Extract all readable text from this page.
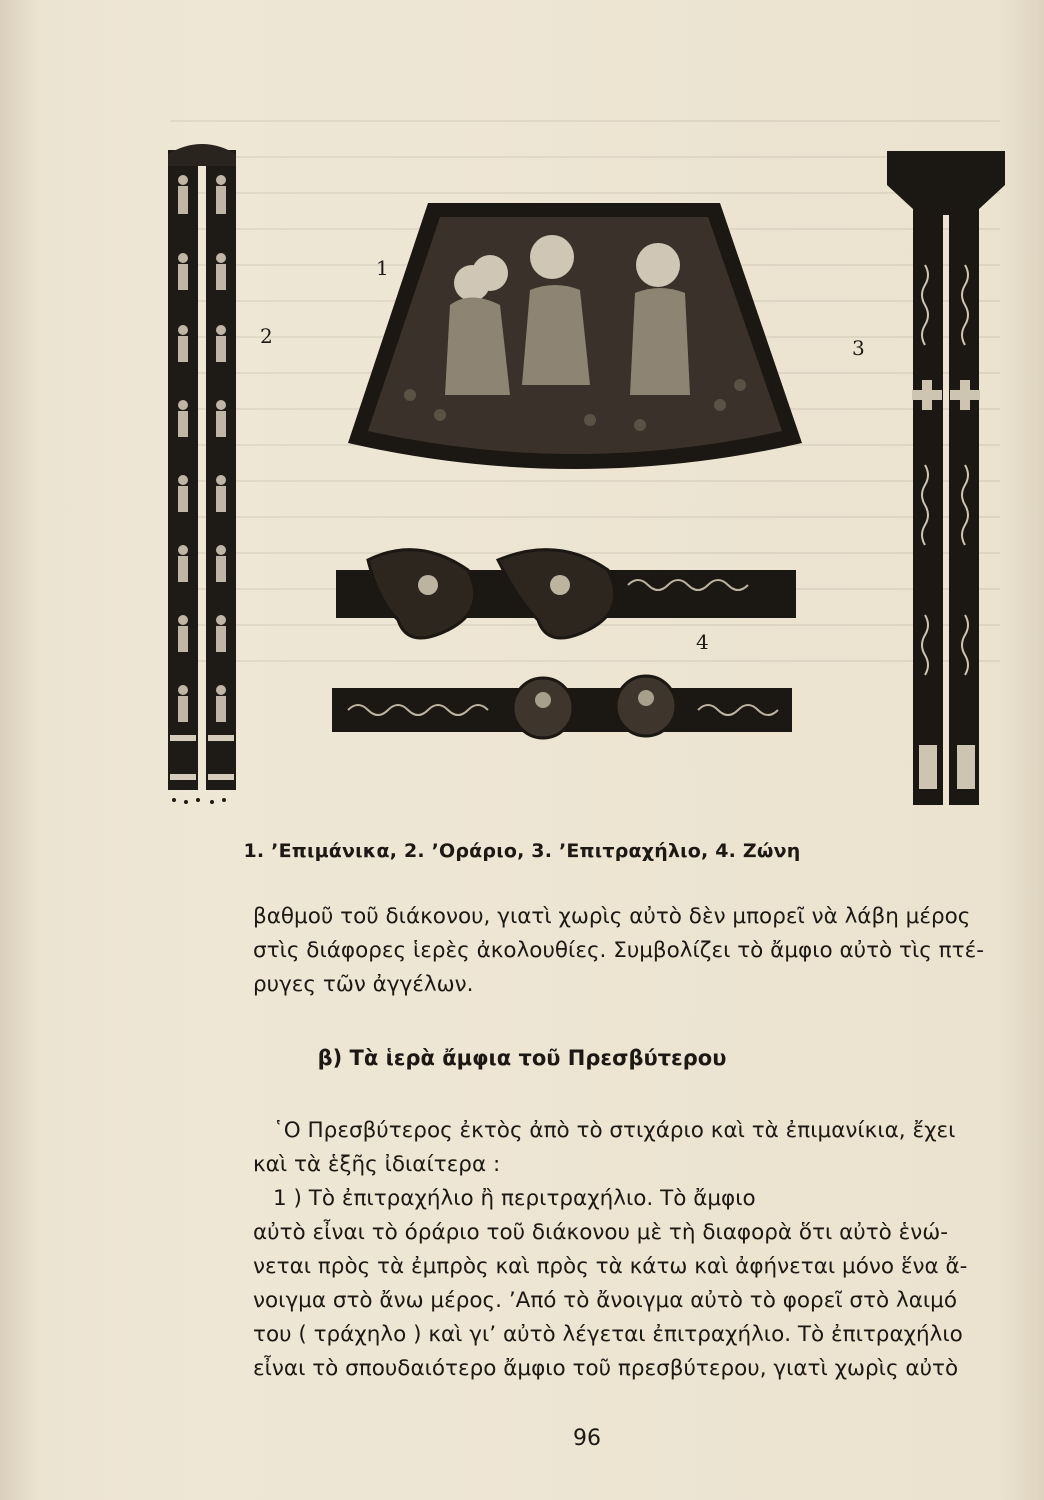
1
2	3
4
1. ’Επιμάνικα, 2. ’Οράριο, 3. ’Επιτραχήλιο, 4. Ζώνη

βαθμοῦ τοῦ διάκονου, γιατὶ χωρὶς αὐτὸ δὲν μπορεῖ νὰ λάβη μέρος
στὶς διάφορες ἱερὲς ἀκολουθίες. Συμβολίζει τὸ ἄμφιο αὐτὸ τὶς πτέ-
ρυγες τῶν ἀγγέλων.

β) Τὰ ἱερὰ ἄμφια τοῦ Πρεσβύτερου

῾Ο Πρεσβύτερος ἐκτὸς ἀπὸ τὸ στιχάριο καὶ τὰ ἐπιμανίκια, ἔχει
καὶ τὰ ἑξῆς ἰδιαίτερα :
1 ) Τὸ ἐπιτραχήλιο ἢ περιτραχήλιο. Τὸ ἄμφιο
αὐτὸ εἶναι τὸ όράριο τοῦ διάκονου μὲ τὴ διαφορὰ ὅτι αὐτὸ ἑνώ-
νεται πρὸς τὰ ἐμπρὸς καὶ πρὸς τὰ κάτω καὶ ἀφήνεται μόνο ἕνα ἄ-
νοιγμα στὸ ἄνω μέρος. ’Από τὸ ἄνοιγμα αὐτὸ τὸ φορεῖ στὸ λαιμό
του ( τράχηλο ) καὶ γι’ αὐτὸ λέγεται ἐπιτραχήλιο. Τὸ ἐπιτραχήλιο
εἶναι τὸ σπουδαιότερο ἄμφιο τοῦ πρεσβύτερου, γιατὶ χωρὶς αὐτὸ

96
